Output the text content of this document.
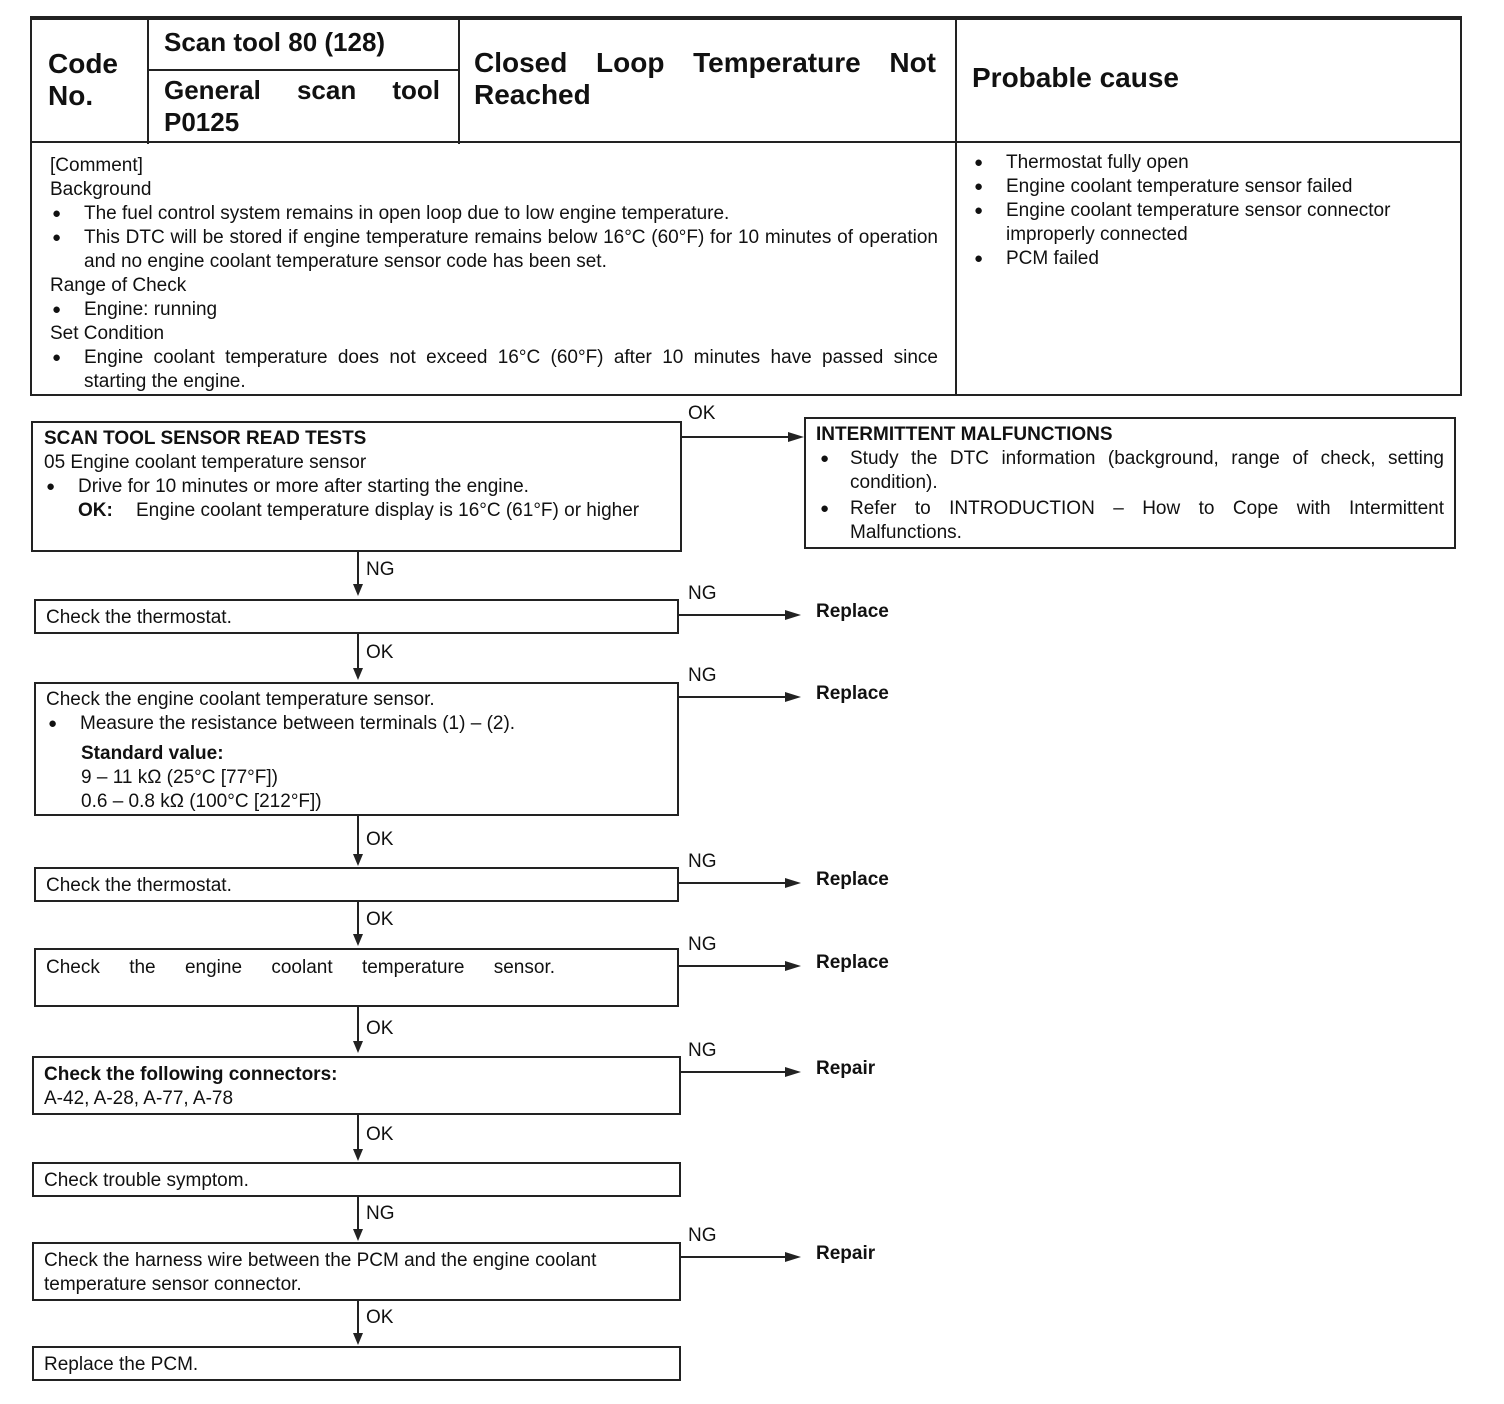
Code No.
Scan tool 80 (128)
General scan tool P0125
Closed Loop Temperature Not Reached
Probable cause
[Comment]
Background
● The fuel control system remains in open loop due to low engine temperature.
● This DTC will be stored if engine temperature remains below 16°C (60°F) for 10 minutes of operation and no engine coolant temperature sensor code has been set.
Range of Check
● Engine: running
Set Condition
● Engine coolant temperature does not exceed 16°C (60°F) after 10 minutes have passed since starting the engine.
● Thermostat fully open
● Engine coolant temperature sensor failed
● Engine coolant temperature sensor connector improperly connected
● PCM failed
SCAN TOOL SENSOR READ TESTS
05 Engine coolant temperature sensor
● Drive for 10 minutes or more after starting the engine.
OK: Engine coolant temperature display is 16°C (61°F) or higher
OK
INTERMITTENT MALFUNCTIONS
● Study the DTC information (background, range of check, setting condition).
● Refer to INTRODUCTION – How to Cope with Intermittent Malfunctions.
NG
Check the thermostat.
NG
Replace
OK
Check the engine coolant temperature sensor.
● Measure the resistance between terminals (1) – (2).
Standard value:
9 – 11 kΩ (25°C [77°F])
0.6 – 0.8 kΩ (100°C [212°F])
NG
Replace
OK
Check the thermostat.
NG
Replace
OK
Check the engine coolant temperature sensor.
NG
Replace
OK
Check the following connectors:
A-42, A-28, A-77, A-78
NG
Repair
OK
Check trouble symptom.
NG
Check the harness wire between the PCM and the engine coolant temperature sensor connector.
NG
Repair
OK
Replace the PCM.
